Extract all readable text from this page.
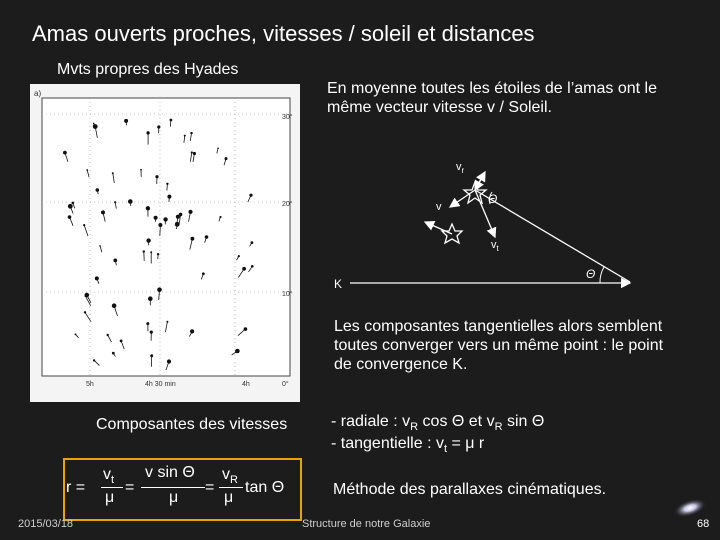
Amas ouverts proches, vitesses / soleil et distances
Mvts propres des Hyades
a)
30°
20°
10°
0°
5h	4h 30 min	4h
En moyenne toutes les étoiles de l’amas ont le même vecteur vitesse v / Soleil.
$v_r$
v
Θ
$v_t$
Θ
K
Les composantes tangentielles alors semblent toutes converger vers un même point : le point de convergence K.
Composantes des vitesses	- radiale : $v_R$ cos Θ et $v_R$ sin Θ
- tangentielle : $v_t = \mu$ r
r =
$v_t$
μ
=
v sin Θ
μ
=
$v_R$
μ
tan Θ	Méthode des parallaxes cinématiques.
2015/03/18	Structure de notre Galaxie	68
